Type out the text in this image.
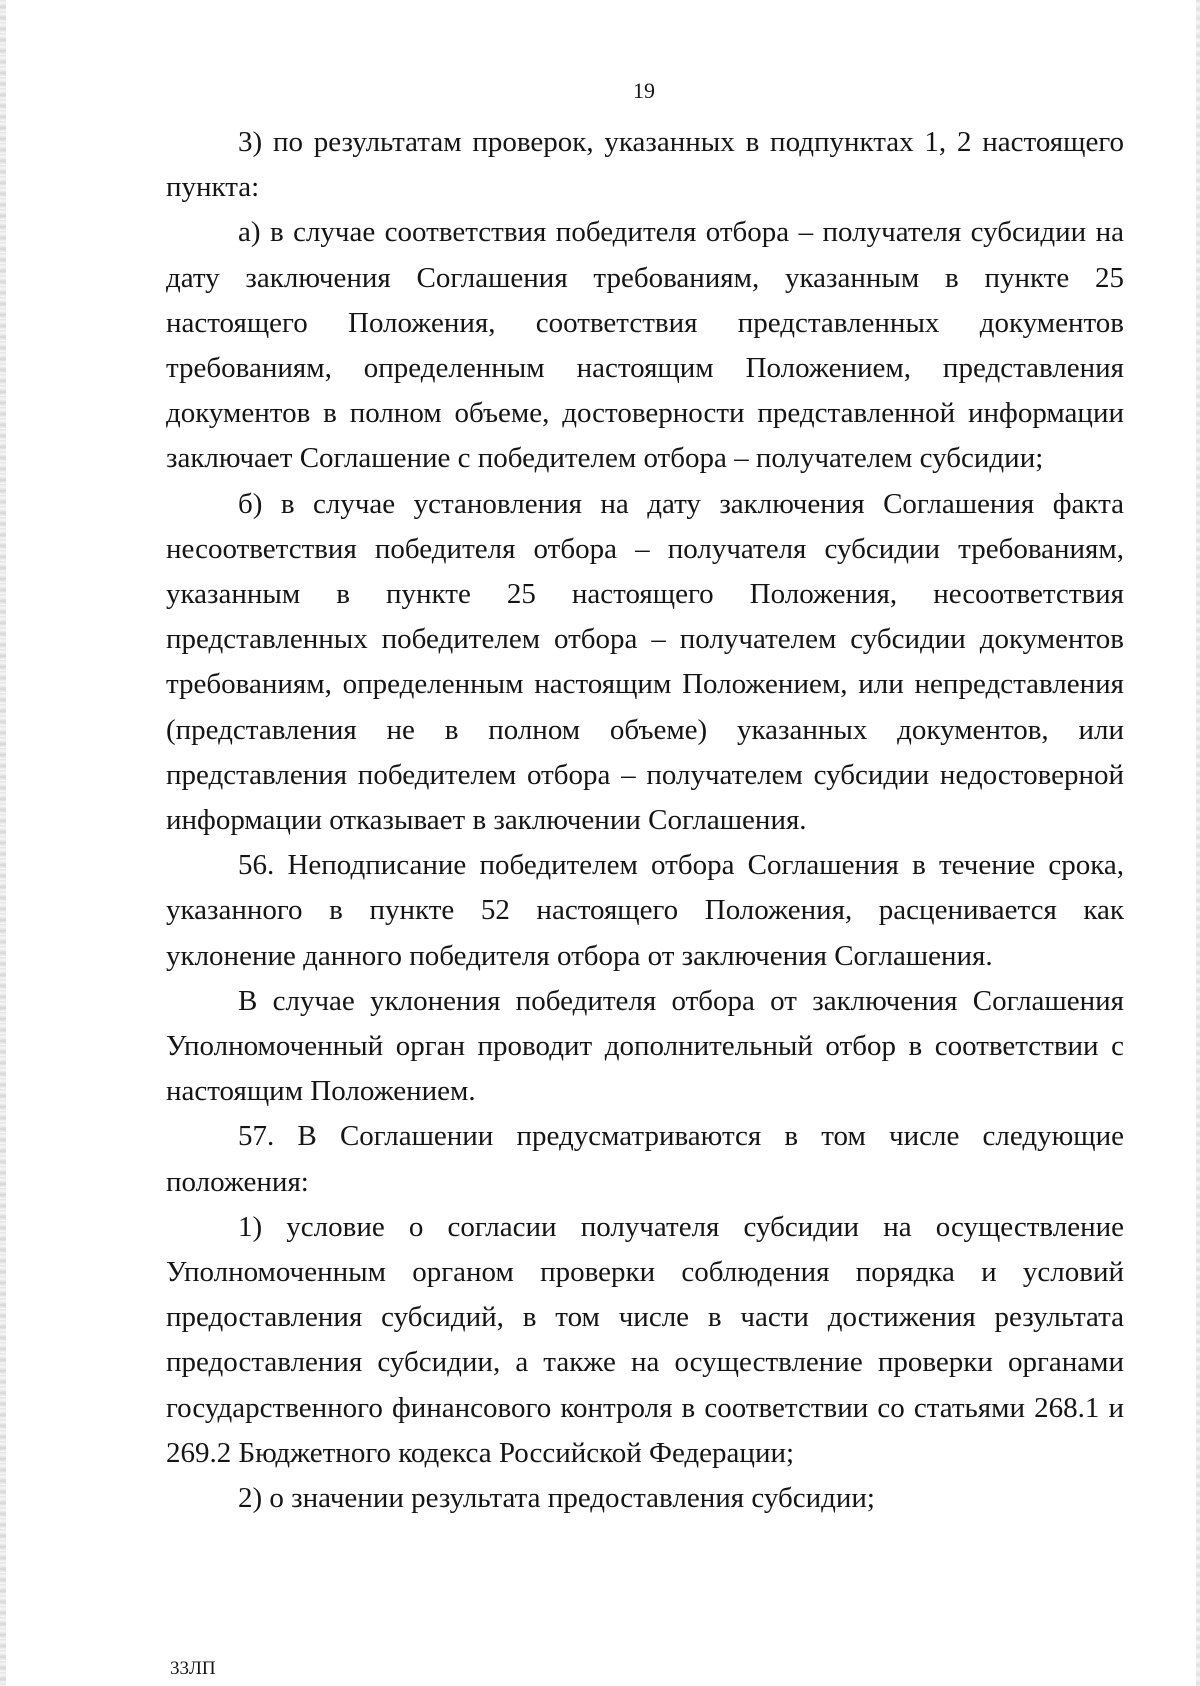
19

3) по результатам проверок, указанных в подпунктах 1, 2 настоящего пункта:

а) в случае соответствия победителя отбора – получателя субсидии на дату заключения Соглашения требованиям, указанным в пункте 25 настоящего Положения, соответствия представленных документов требованиям, определенным настоящим Положением, представления документов в полном объеме, достоверности представленной информации заключает Соглашение с победителем отбора – получателем субсидии;

б) в случае установления на дату заключения Соглашения факта несоответствия победителя отбора – получателя субсидии требованиям, указанным в пункте 25 настоящего Положения, несоответствия представленных победителем отбора – получателем субсидии документов требованиям, определенным настоящим Положением, или непредставления (представления не в полном объеме) указанных документов, или представления победителем отбора – получателем субсидии недостоверной информации отказывает в заключении Соглашения.

56. Неподписание победителем отбора Соглашения в течение срока, указанного в пункте 52 настоящего Положения, расценивается как уклонение данного победителя отбора от заключения Соглашения.

В случае уклонения победителя отбора от заключения Соглашения Уполномоченный орган проводит дополнительный отбор в соответствии с настоящим Положением.

57. В Соглашении предусматриваются в том числе следующие положения:

1) условие о согласии получателя субсидии на осуществление Уполномоченным органом проверки соблюдения порядка и условий предоставления субсидий, в том числе в части достижения результата предоставления субсидии, а также на осуществление проверки органами государственного финансового контроля в соответствии со статьями 268.1 и 269.2 Бюджетного кодекса Российской Федерации;

2) о значении результата предоставления субсидии;

33ЛП
